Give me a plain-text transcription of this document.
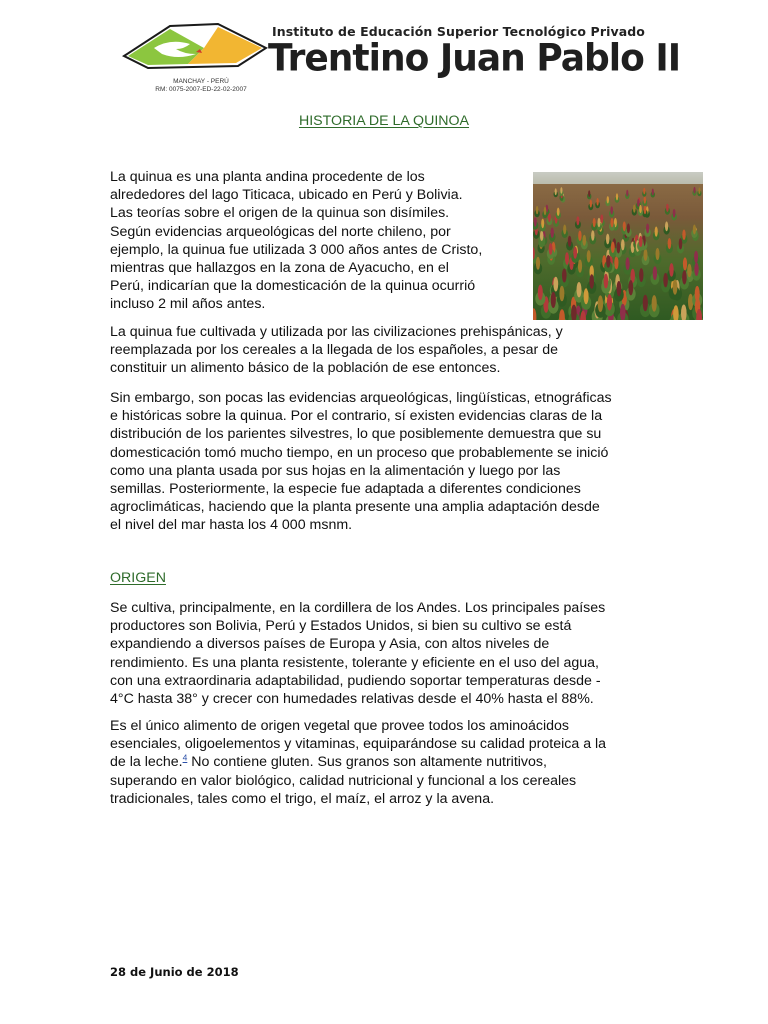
MANCHAY - PERÚ
RM: 0075-2007-ED-22-02-2007
Instituto de Educación Superior Tecnológico Privado
Trentino Juan Pablo II
HISTORIA DE LA QUINOA
La quinua es una planta andina procedente de los
alrededores del lago Titicaca, ubicado en Perú y Bolivia.
Las teorías sobre el origen de la quinua son disímiles.
Según evidencias arqueológicas del norte chileno, por
ejemplo, la quinua fue utilizada 3 000 años antes de Cristo,
mientras que hallazgos en la zona de Ayacucho, en el
Perú, indicarían que la domesticación de la quinua ocurrió
incluso 2 mil años antes.
La quinua fue cultivada y utilizada por las civilizaciones prehispánicas, y
reemplazada por los cereales a la llegada de los españoles, a pesar de
constituir un alimento básico de la población de ese entonces.
Sin embargo, son pocas las evidencias arqueológicas, lingüísticas, etnográficas
e históricas sobre la quinua. Por el contrario, sí existen evidencias claras de la
distribución de los parientes silvestres, lo que posiblemente demuestra que su
domesticación tomó mucho tiempo, en un proceso que probablemente se inició
como una planta usada por sus hojas en la alimentación y luego por las
semillas. Posteriormente, la especie fue adaptada a diferentes condiciones
agroclimáticas, haciendo que la planta presente una amplia adaptación desde
el nivel del mar hasta los 4 000 msnm.
ORIGEN
Se cultiva, principalmente, en la cordillera de los Andes. Los principales países
productores son Bolivia, Perú y Estados Unidos, si bien su cultivo se está
expandiendo a diversos países de Europa y Asia, con altos niveles de
rendimiento. Es una planta resistente, tolerante y eficiente en el uso del agua,
con una extraordinaria adaptabilidad, pudiendo soportar temperaturas desde -
4°C hasta 38° y crecer con humedades relativas desde el 40% hasta el 88%.
Es el único alimento de origen vegetal que provee todos los aminoácidos
esenciales, oligoelementos y vitaminas, equiparándose su calidad proteica a la
de la leche.$^4$ No contiene gluten. Sus granos son altamente nutritivos,
superando en valor biológico, calidad nutricional y funcional a los cereales
tradicionales, tales como el trigo, el maíz, el arroz y la avena.
28 de Junio de 2018
